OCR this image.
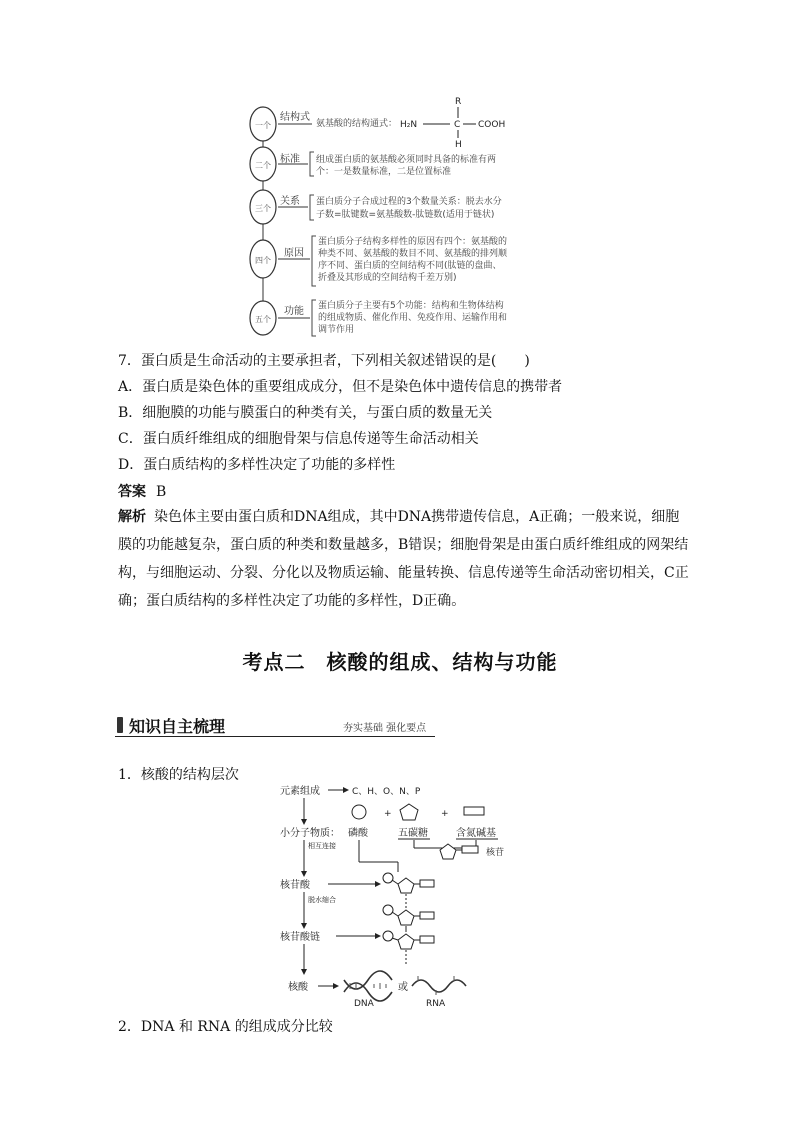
一个
二个
三个
四个
五个
结构式
标准
关系
原因
功能
氨基酸的结构通式：
R
H₂N	C COOH
H
组成蛋白质的氨基酸必须同时具备的标准有两
个：一是数量标准，二是位置标准
蛋白质分子合成过程的3个数量关系：脱去水分
子数=肽键数=氨基酸数-肽链数(适用于链状)
蛋白质分子结构多样性的原因有四个：氨基酸的
种类不同、氨基酸的数目不同、氨基酸的排列顺
序不同、蛋白质的空间结构不同(肽链的盘曲、
折叠及其形成的空间结构千差万别)
蛋白质分子主要有5个功能：结构和生物体结构
的组成物质、催化作用、免疫作用、运输作用和
调节作用
7．蛋白质是生命活动的主要承担者，下列相关叙述错误的是(　　)
A．蛋白质是染色体的重要组成成分，但不是染色体中遗传信息的携带者
B．细胞膜的功能与膜蛋白的种类有关，与蛋白质的数量无关
C．蛋白质纤维组成的细胞骨架与信息传递等生命活动相关
D．蛋白质结构的多样性决定了功能的多样性
答案 B
解析 染色体主要由蛋白质和DNA组成，其中DNA携带遗传信息，A正确；一般来说，细胞膜的功能越复杂，蛋白质的种类和数量越多，B错误；细胞骨架是由蛋白质纤维组成的网架结构，与细胞运动、分裂、分化以及物质运输、能量转换、信息传递等生命活动密切相关，C正确；蛋白质结构的多样性决定了功能的多样性，D正确。
考点二　核酸的组成、结构与功能
知识自主梳理	夯实基础 强化要点
1．核酸的结构层次
元素组成	C、H、O、N、P
+	+
小分子物质： 磷酸	五碳糖	含氮碱基
核苷
相互连接
核苷酸
脱水缩合
核苷酸链
核酸	或
DNA	RNA
2．DNA 和 RNA 的组成成分比较
